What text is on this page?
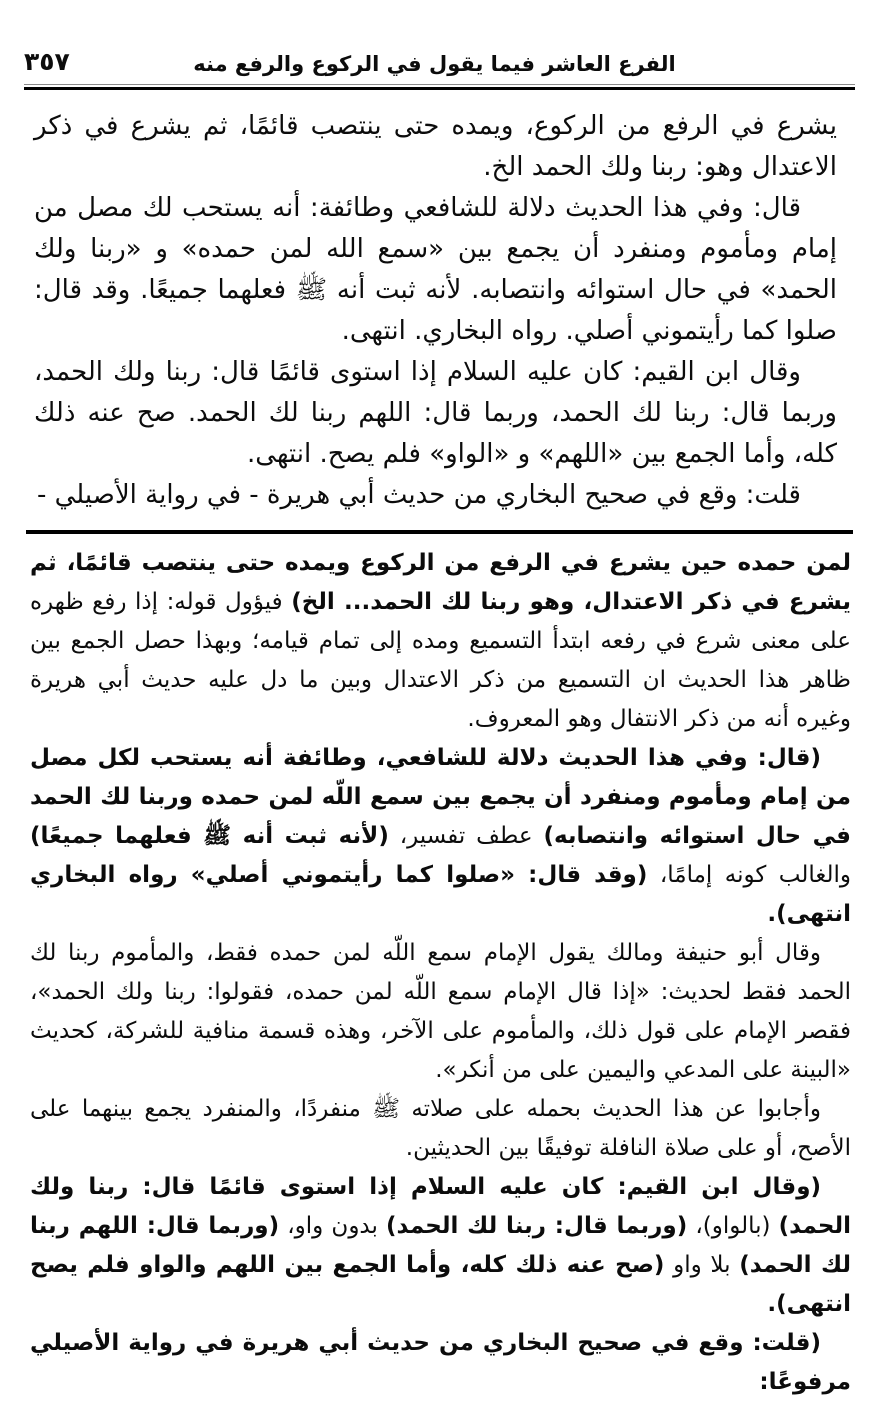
٣٥٧	الفرع العاشر فيما يقول في الركوع والرفع منه

يشرع في الرفع من الركوع، ويمده حتى ينتصب قائمًا، ثم يشرع في ذكر الاعتدال وهو: ربنا ولك الحمد الخ.

قال: وفي هذا الحديث دلالة للشافعي وطائفة: أنه يستحب لك مصل من إمام ومأموم ومنفرد أن يجمع بين «سمع الله لمن حمده» و «ربنا ولك الحمد» في حال استوائه وانتصابه. لأنه ثبت أنه ﷺ فعلهما جميعًا. وقد قال: صلوا كما رأيتموني أصلي. رواه البخاري. انتهى.

وقال ابن القيم: كان عليه السلام إذا استوى قائمًا قال: ربنا ولك الحمد، وربما قال: ربنا لك الحمد، وربما قال: اللهم ربنا لك الحمد. صح عنه ذلك كله، وأما الجمع بين «اللهم» و «الواو» فلم يصح. انتهى.

قلت: وقع في صحيح البخاري من حديث أبي هريرة - في رواية الأصيلي -

لمن حمده حين يشرع في الرفع من الركوع ويمده حتى ينتصب قائمًا، ثم يشرع في ذكر الاعتدال، وهو ربنا لك الحمد... الخ) فيؤول قوله: إذا رفع ظهره على معنى شرع في رفعه ابتدأ التسميع ومده إلى تمام قيامه؛ وبهذا حصل الجمع بين ظاهر هذا الحديث ان التسميع من ذكر الاعتدال وبين ما دل عليه حديث أبي هريرة وغيره أنه من ذكر الانتفال وهو المعروف.

(قال: وفي هذا الحديث دلالة للشافعي، وطائفة أنه يستحب لكل مصل من إمام ومأموم ومنفرد أن يجمع بين سمع اللّه لمن حمده وربنا لك الحمد في حال استوائه وانتصابه) عطف تفسير، (لأنه ثبت أنه ﷺ فعلهما جميعًا) والغالب كونه إمامًا، (وقد قال: «صلوا كما رأيتموني أصلي» رواه البخاري انتهى).

وقال أبو حنيفة ومالك يقول الإمام سمع اللّه لمن حمده فقط، والمأموم ربنا لك الحمد فقط لحديث: «إذا قال الإمام سمع اللّه لمن حمده، فقولوا: ربنا ولك الحمد»، فقصر الإمام على قول ذلك، والمأموم على الآخر، وهذه قسمة منافية للشركة، كحديث «البينة على المدعي واليمين على من أنكر».

وأجابوا عن هذا الحديث بحمله على صلاته ﷺ منفردًا، والمنفرد يجمع بينهما على الأصح، أو على صلاة النافلة توفيقًا بين الحديثين.

(وقال ابن القيم: كان عليه السلام إذا استوى قائمًا قال: ربنا ولك الحمد) (بالواو)، (وربما قال: ربنا لك الحمد) بدون واو، (وربما قال: اللهم ربنا لك الحمد) بلا واو (صح عنه ذلك كله، وأما الجمع بين اللهم والواو فلم يصح انتهى).

(قلت: وقع في صحيح البخاري من حديث أبي هريرة في رواية الأصيلي مرفوعًا:
